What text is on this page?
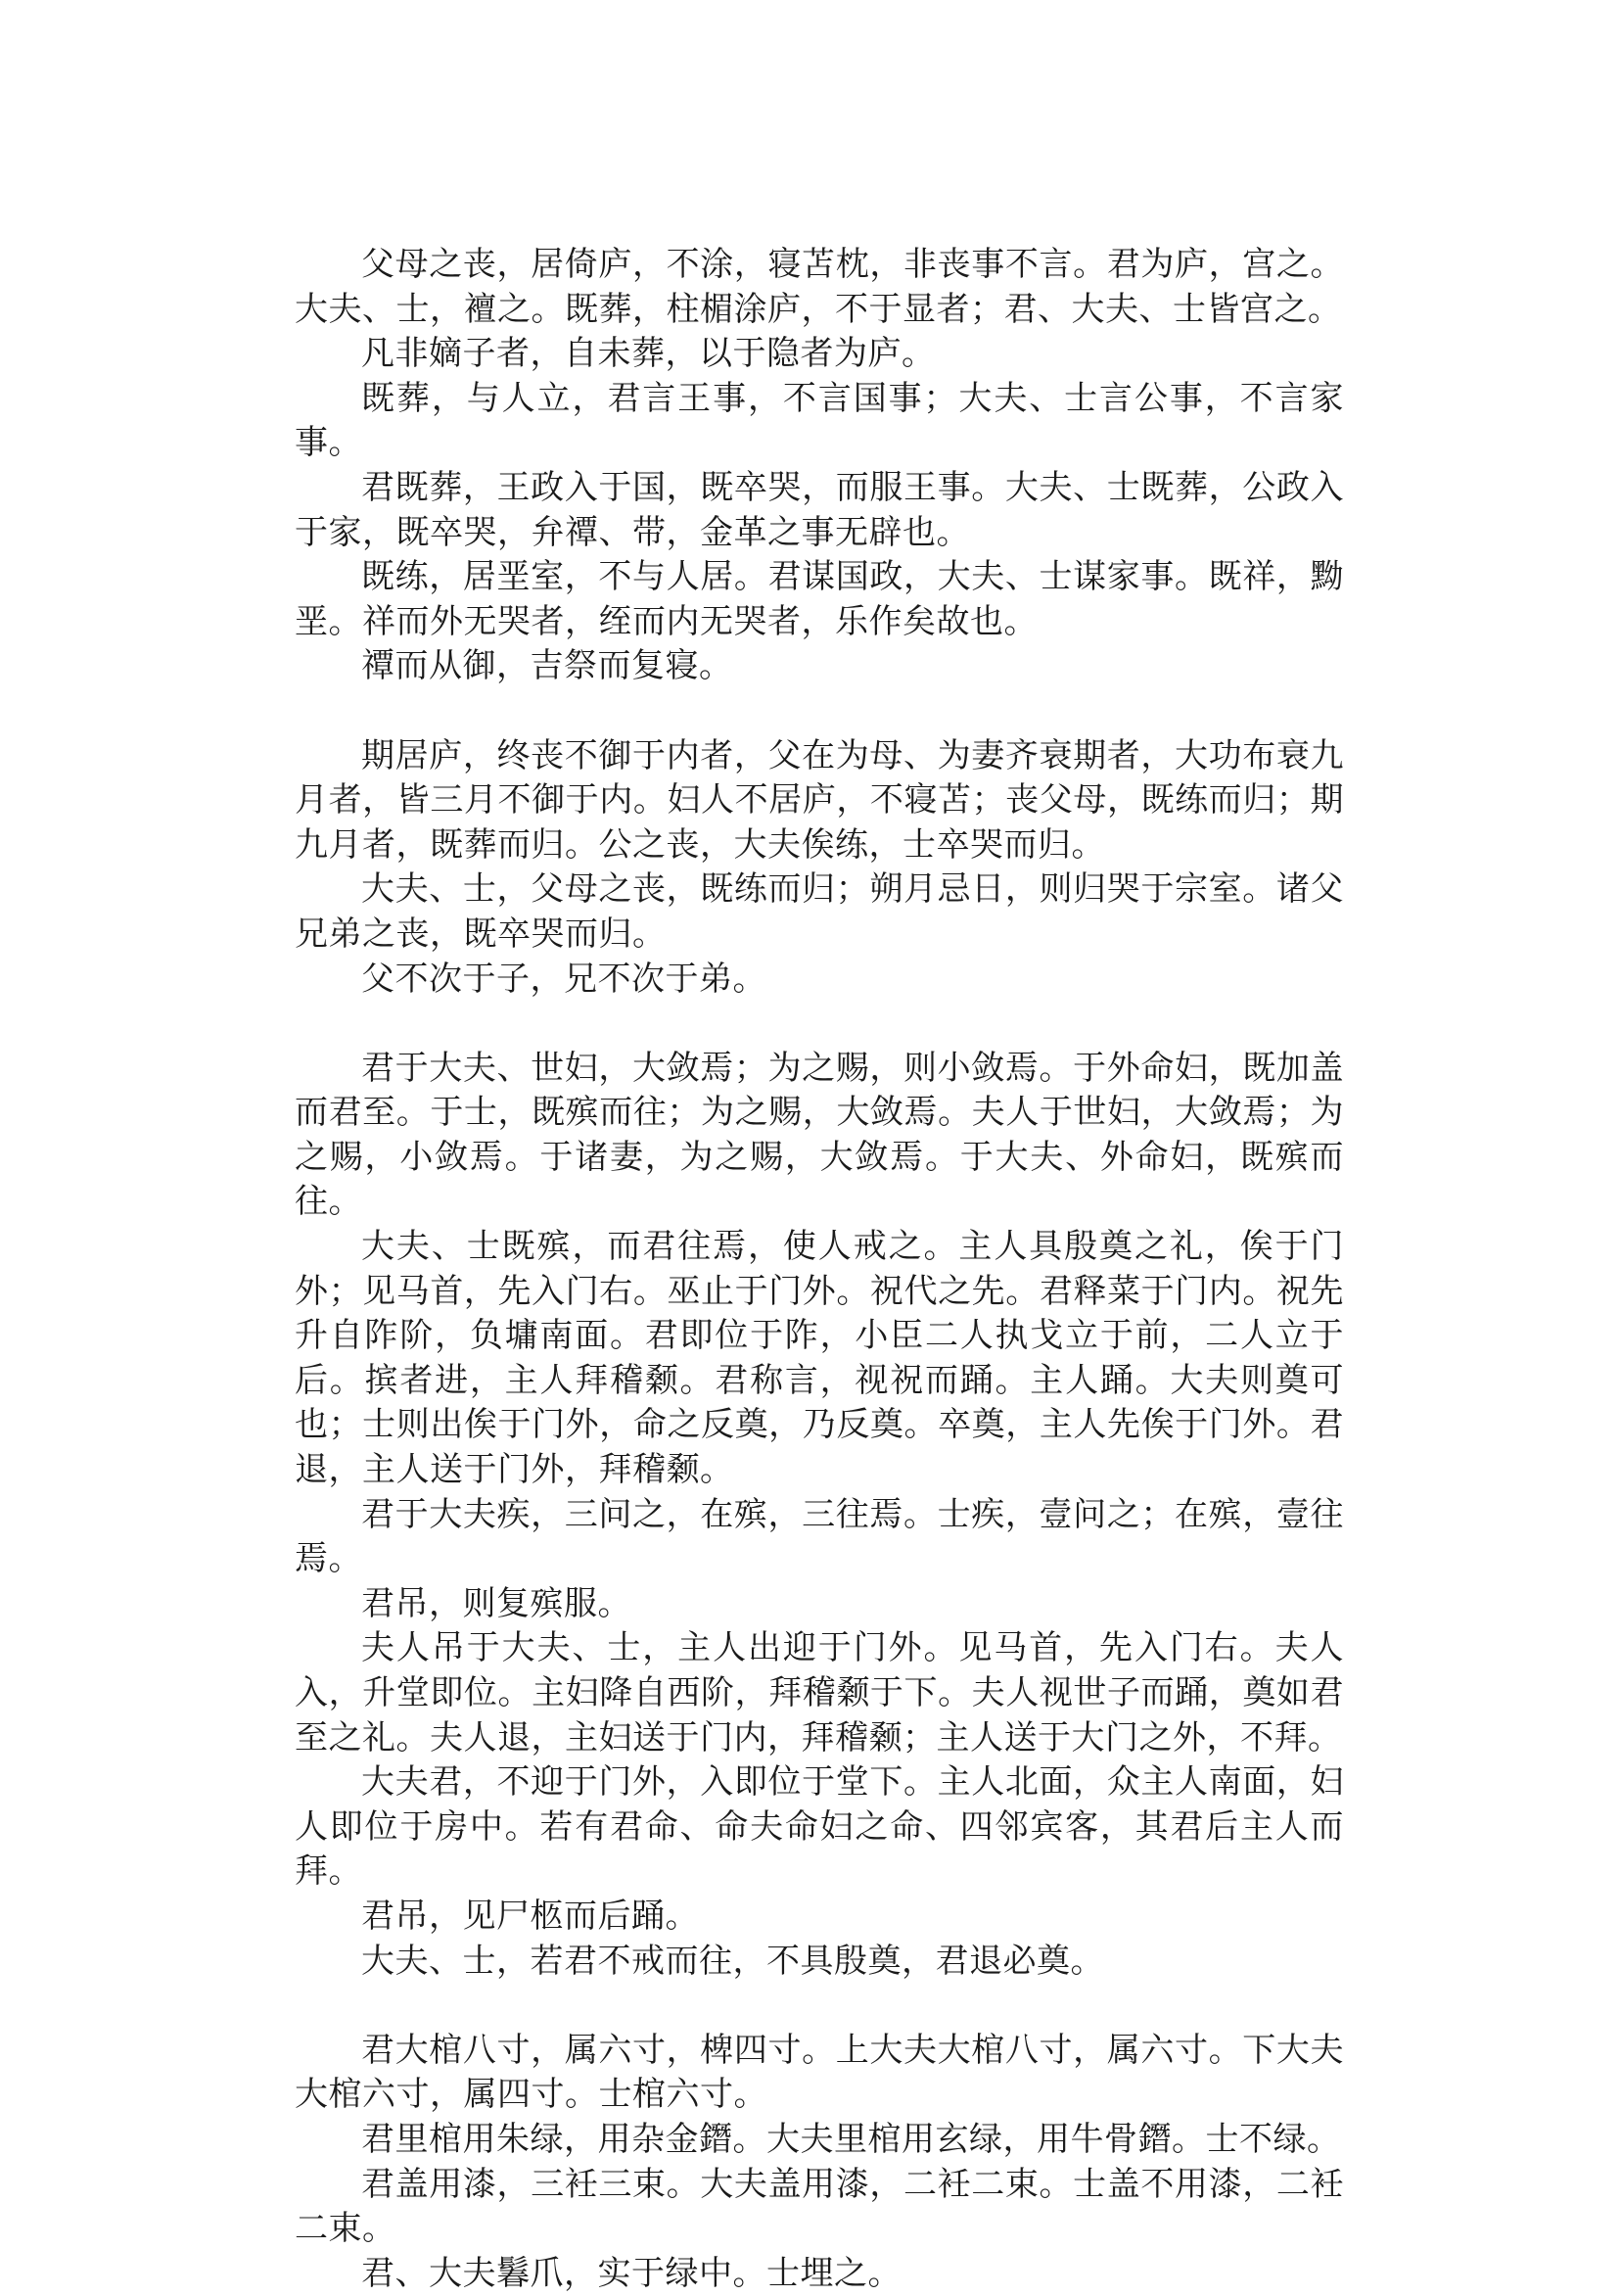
父母之丧，居倚庐，不涂，寝苫枕，非丧事不言。君为庐，宫之。大夫、士，襢之。既葬，柱楣涂庐，不于显者；君、大夫、士皆宫之。

凡非嫡子者，自未葬，以于隐者为庐。

既葬，与人立，君言王事，不言国事；大夫、士言公事，不言家事。

君既葬，王政入于国，既卒哭，而服王事。大夫、士既葬，公政入于家，既卒哭，弁禫、带，金革之事无辟也。

既练，居垩室，不与人居。君谋国政，大夫、士谋家事。既祥，黝垩。祥而外无哭者，绖而内无哭者，乐作矣故也。

禫而从御，吉祭而复寝。

期居庐，终丧不御于内者，父在为母、为妻齐衰期者，大功布衰九月者，皆三月不御于内。妇人不居庐，不寝苫；丧父母，既练而归；期九月者，既葬而归。公之丧，大夫俟练，士卒哭而归。

大夫、士，父母之丧，既练而归；朔月忌日，则归哭于宗室。诸父兄弟之丧，既卒哭而归。

父不次于子，兄不次于弟。

君于大夫、世妇，大敛焉；为之赐，则小敛焉。于外命妇，既加盖而君至。于士，既殡而往；为之赐，大敛焉。夫人于世妇，大敛焉；为之赐，小敛焉。于诸妻，为之赐，大敛焉。于大夫、外命妇，既殡而往。

大夫、士既殡，而君往焉，使人戒之。主人具殷奠之礼，俟于门外；见马首，先入门右。巫止于门外。祝代之先。君释菜于门内。祝先升自阼阶，负墉南面。君即位于阼，小臣二人执戈立于前，二人立于后。摈者进，主人拜稽颡。君称言，视祝而踊。主人踊。大夫则奠可也；士则出俟于门外，命之反奠，乃反奠。卒奠，主人先俟于门外。君退，主人送于门外，拜稽颡。

君于大夫疾，三问之，在殡，三往焉。士疾，壹问之；在殡，壹往焉。

君吊，则复殡服。

夫人吊于大夫、士，主人出迎于门外。见马首，先入门右。夫人入，升堂即位。主妇降自西阶，拜稽颡于下。夫人视世子而踊，奠如君至之礼。夫人退，主妇送于门内，拜稽颡；主人送于大门之外，不拜。

大夫君，不迎于门外，入即位于堂下。主人北面，众主人南面，妇人即位于房中。若有君命、命夫命妇之命、四邻宾客，其君后主人而拜。

君吊，见尸柩而后踊。

大夫、士，若君不戒而往，不具殷奠，君退必奠。

君大棺八寸，属六寸，椑四寸。上大夫大棺八寸，属六寸。下大夫大棺六寸，属四寸。士棺六寸。

君里棺用朱绿，用杂金鐕。大夫里棺用玄绿，用牛骨鐕。士不绿。

君盖用漆，三衽三束。大夫盖用漆，二衽二束。士盖不用漆，二衽二束。

君、大夫鬊爪，实于绿中。士埋之。
